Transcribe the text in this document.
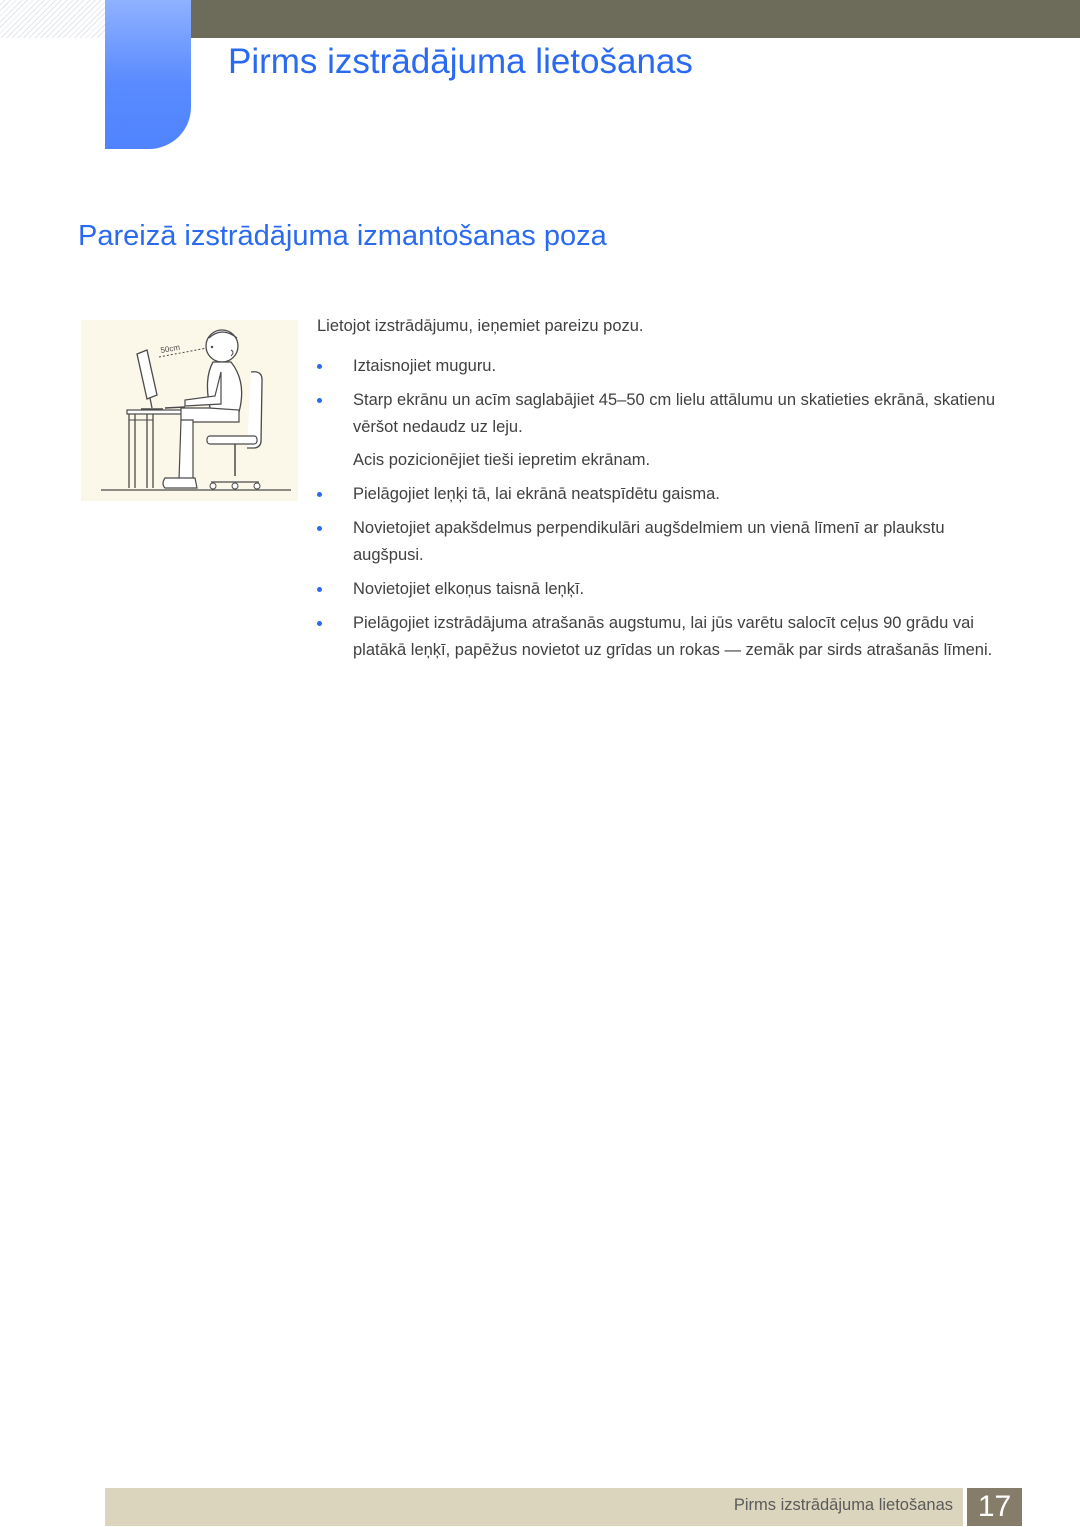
Pirms izstrādājuma lietošanas
Pareizā izstrādājuma izmantošanas poza
50cm

Lietojot izstrādājumu, ieņemiet pareizu pozu.

Iztaisnojiet muguru.

Starp ekrānu un acīm saglabājiet 45–50 cm lielu attālumu un skatieties ekrānā, skatienu vēršot nedaudz uz leju.

Acis pozicionējiet tieši iepretim ekrānam.

Pielāgojiet leņķi tā, lai ekrānā neatspīdētu gaisma.

Novietojiet apakšdelmus perpendikulāri augšdelmiem un vienā līmenī ar plaukstu augšpusi.

Novietojiet elkoņus taisnā leņķī.

Pielāgojiet izstrādājuma atrašanās augstumu, lai jūs varētu salocīt ceļus 90 grādu vai platākā leņķī, papēžus novietot uz grīdas un rokas — zemāk par sirds atrašanās līmeni.

Pirms izstrādājuma lietošanas 17
